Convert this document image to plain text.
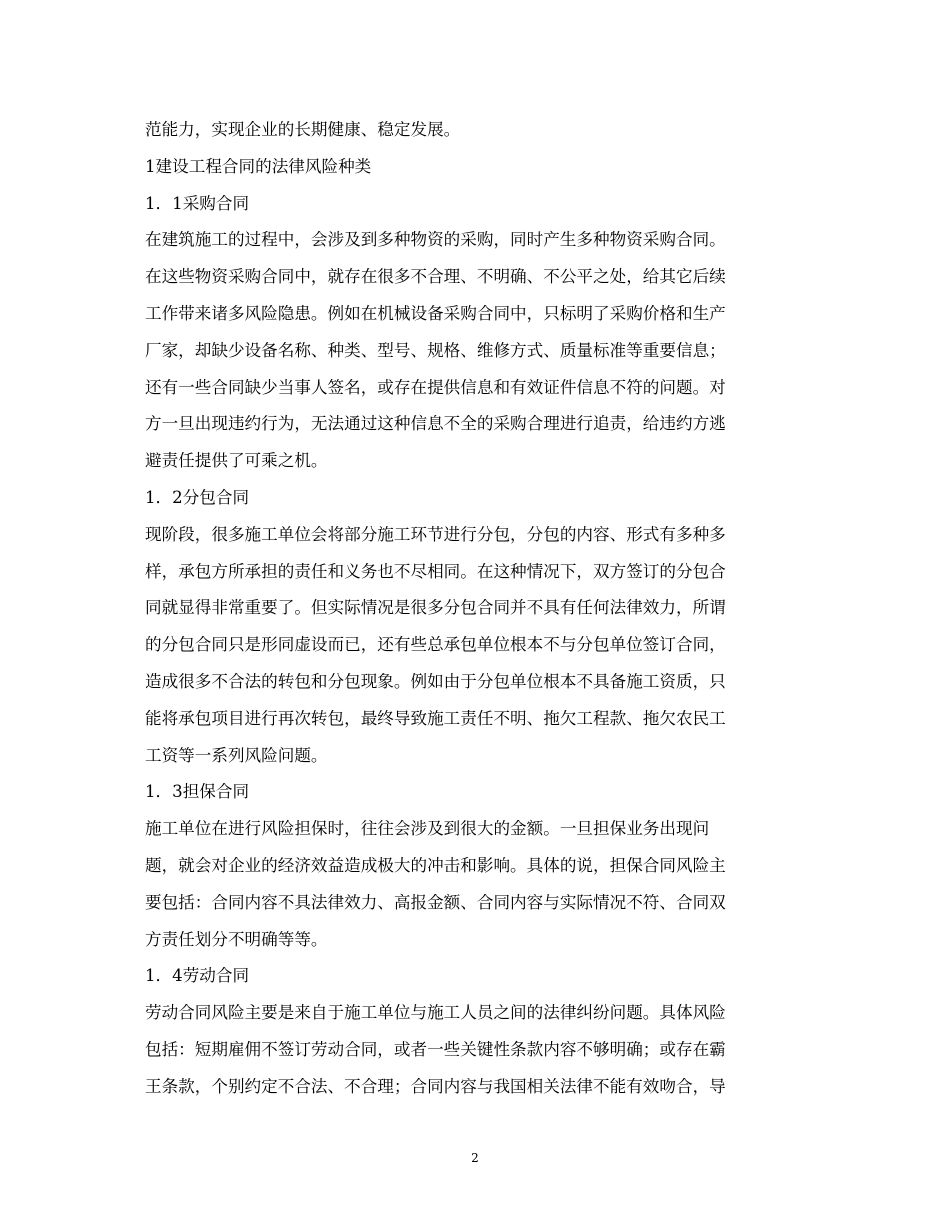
范能力，实现企业的长期健康、稳定发展。
1建设工程合同的法律风险种类
1．1采购合同
在建筑施工的过程中，会涉及到多种物资的采购，同时产生多种物资采购合同。
在这些物资采购合同中，就存在很多不合理、不明确、不公平之处，给其它后续
工作带来诸多风险隐患。例如在机械设备采购合同中，只标明了采购价格和生产
厂家，却缺少设备名称、种类、型号、规格、维修方式、质量标准等重要信息；
还有一些合同缺少当事人签名，或存在提供信息和有效证件信息不符的问题。对
方一旦出现违约行为，无法通过这种信息不全的采购合理进行追责，给违约方逃
避责任提供了可乘之机。
1．2分包合同
现阶段，很多施工单位会将部分施工环节进行分包，分包的内容、形式有多种多
样，承包方所承担的责任和义务也不尽相同。在这种情况下，双方签订的分包合
同就显得非常重要了。但实际情况是很多分包合同并不具有任何法律效力，所谓
的分包合同只是形同虚设而已，还有些总承包单位根本不与分包单位签订合同，
造成很多不合法的转包和分包现象。例如由于分包单位根本不具备施工资质，只
能将承包项目进行再次转包，最终导致施工责任不明、拖欠工程款、拖欠农民工
工资等一系列风险问题。
1．3担保合同
施工单位在进行风险担保时，往往会涉及到很大的金额。一旦担保业务出现问
题，就会对企业的经济效益造成极大的冲击和影响。具体的说，担保合同风险主
要包括：合同内容不具法律效力、高报金额、合同内容与实际情况不符、合同双
方责任划分不明确等等。
1．4劳动合同
劳动合同风险主要是来自于施工单位与施工人员之间的法律纠纷问题。具体风险
包括：短期雇佣不签订劳动合同，或者一些关键性条款内容不够明确；或存在霸
王条款，个别约定不合法、不合理；合同内容与我国相关法律不能有效吻合，导
2
